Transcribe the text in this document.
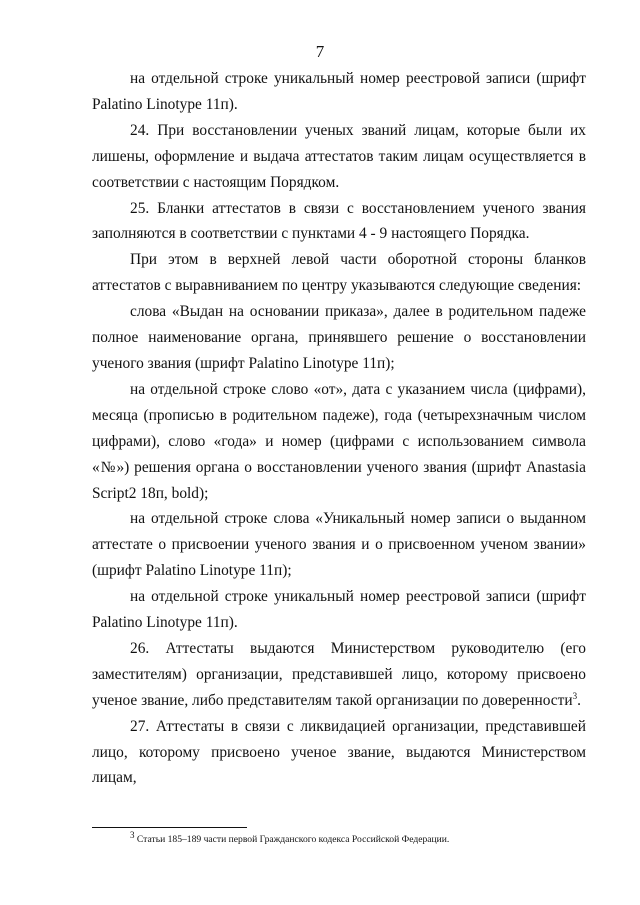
7

на отдельной строке уникальный номер реестровой записи (шрифт Palatino Linotype 11п).

24. При восстановлении ученых званий лицам, которые были их лишены, оформление и выдача аттестатов таким лицам осуществляется в соответствии с настоящим Порядком.

25. Бланки аттестатов в связи с восстановлением ученого звания заполняются в соответствии с пунктами 4 - 9 настоящего Порядка.

При этом в верхней левой части оборотной стороны бланков аттестатов с выравниванием по центру указываются следующие сведения:

слова «Выдан на основании приказа», далее в родительном падеже полное наименование органа, принявшего решение о восстановлении ученого звания (шрифт Palatino Linotype 11п);

на отдельной строке слово «от», дата с указанием числа (цифрами), месяца (прописью в родительном падеже), года (четырехзначным числом цифрами), слово «года» и номер (цифрами с использованием символа «№») решения органа о восстановлении ученого звания (шрифт Anastasia Script2 18п, bold);

на отдельной строке слова «Уникальный номер записи о выданном аттестате о присвоении ученого звания и о присвоенном ученом звании» (шрифт Palatino Linotype 11п);

на отдельной строке уникальный номер реестровой записи (шрифт Palatino Linotype 11п).

26. Аттестаты выдаются Министерством руководителю (его заместителям) организации, представившей лицо, которому присвоено ученое звание, либо представителям такой организации по доверенности$^3$.

27. Аттестаты в связи с ликвидацией организации, представившей лицо, которому присвоено ученое звание, выдаются Министерством лицам,

3 Статьи 185–189 части первой Гражданского кодекса Российской Федерации.
